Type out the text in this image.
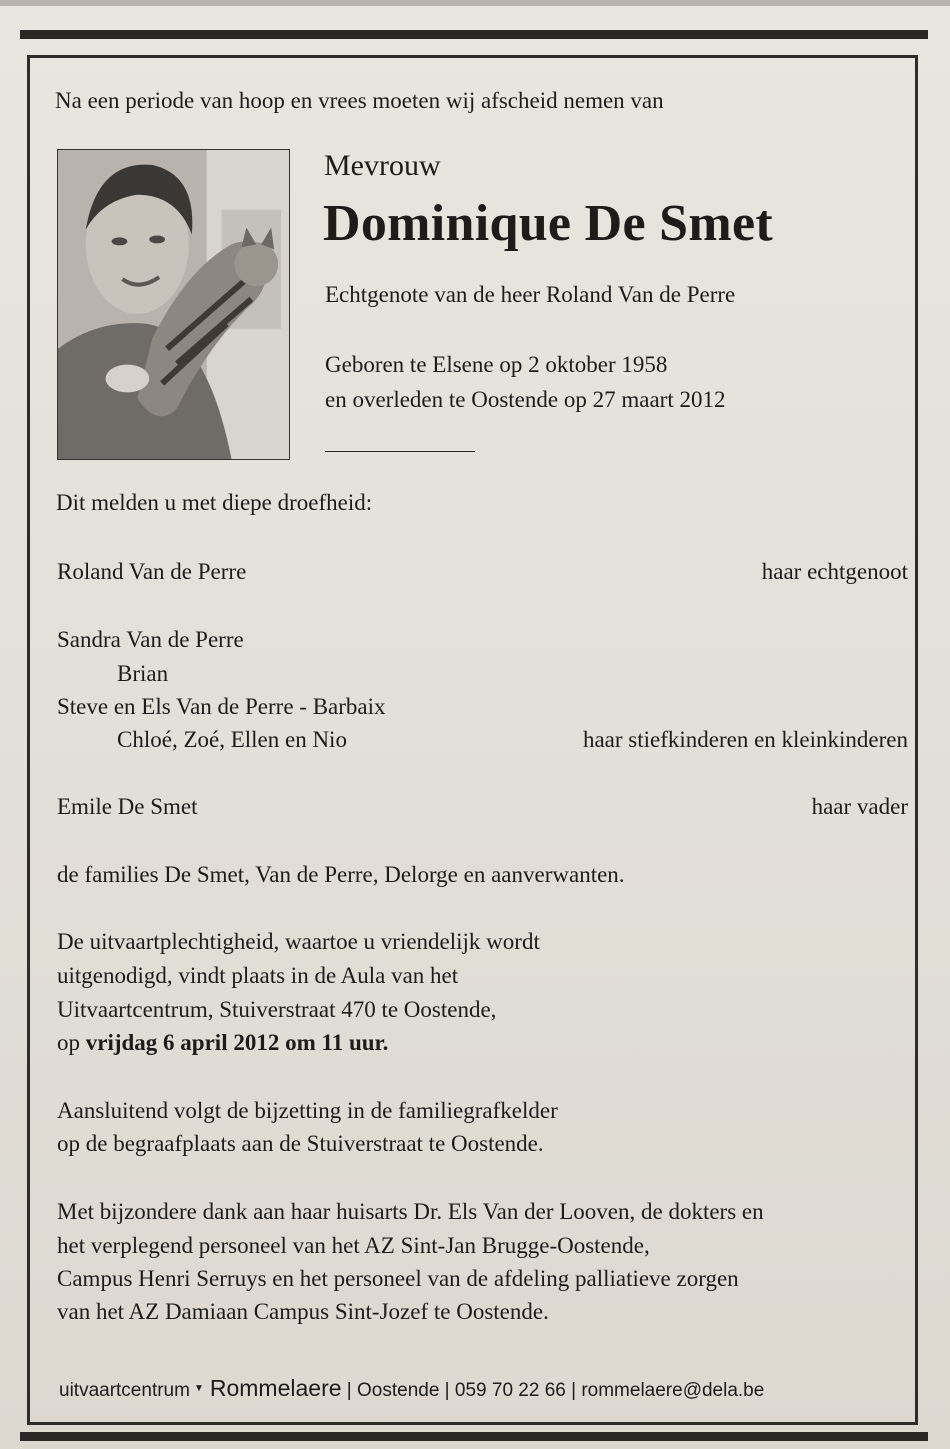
Na een periode van hoop en vrees moeten wij afscheid nemen van

Mevrouw

Dominique De Smet

Echtgenote van de heer Roland Van de Perre

Geboren te Elsene op 2 oktober 1958

en overleden te Oostende op 27 maart 2012

Dit melden u met diepe droefheid:

Roland Van de Perre	haar echtgenoot

Sandra Van de Perre

Brian

Steve en Els Van de Perre - Barbaix

Chloé, Zoé, Ellen en Nio	haar stiefkinderen en kleinkinderen

Emile De Smet	haar vader

de families De Smet, Van de Perre, Delorge en aanverwanten.

De uitvaartplechtigheid, waartoe u vriendelijk wordt

uitgenodigd, vindt plaats in de Aula van het

Uitvaartcentrum, Stuiverstraat 470 te Oostende,

op vrijdag 6 april 2012 om 11 uur.

Aansluitend volgt de bijzetting in de familiegrafkelder

op de begraafplaats aan de Stuiverstraat te Oostende.

Met bijzondere dank aan haar huisarts Dr. Els Van der Looven, de dokters en

het verplegend personeel van het AZ Sint-Jan Brugge-Oostende,

Campus Henri Serruys en het personeel van de afdeling palliatieve zorgen

van het AZ Damiaan Campus Sint-Jozef te Oostende.

uitvaartcentrum ▼ Rommelaere | Oostende | 059 70 22 66 | rommelaere@dela.be
